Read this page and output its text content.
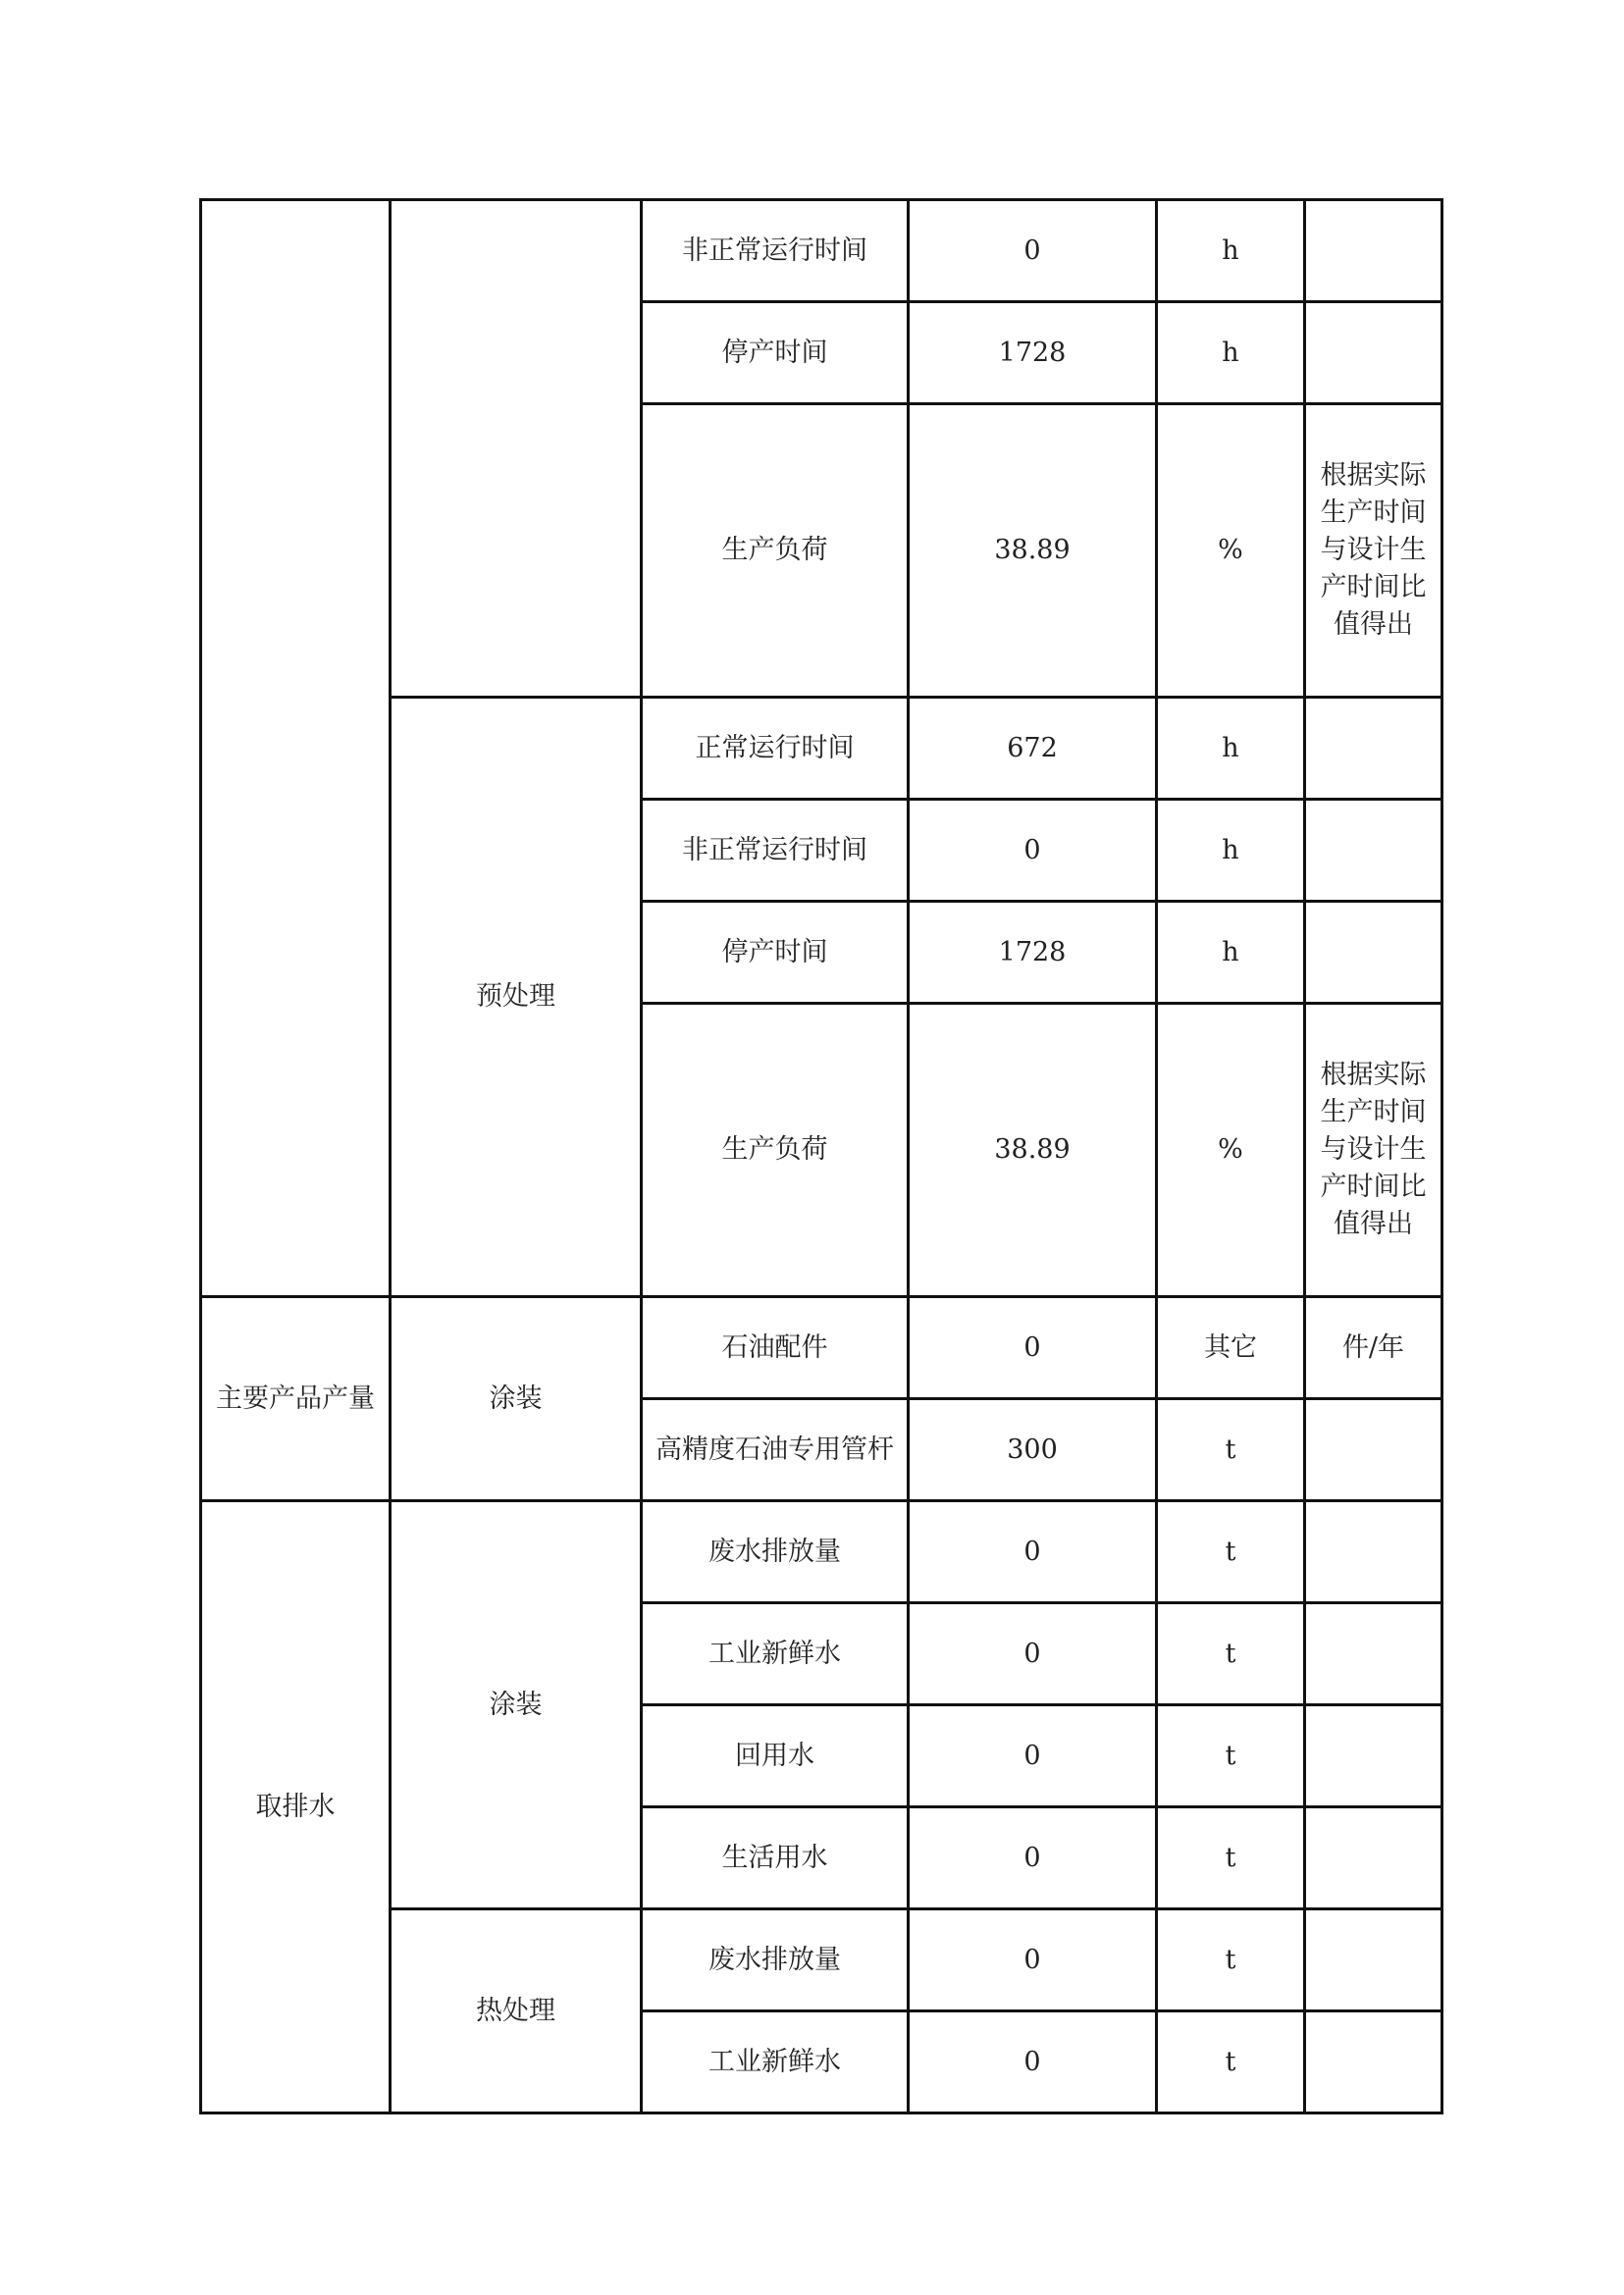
		非正常运行时间	0	h	
		停产时间	1728	h	
		生产负荷	38.89	%	根据实际生产时间与设计生产时间比值得出
	预处理	正常运行时间	672	h	
		非正常运行时间	0	h	
		停产时间	1728	h	
		生产负荷	38.89	%	根据实际生产时间与设计生产时间比值得出
主要产品产量	涂装	石油配件	0	其它	件/年
		高精度石油专用管杆	300	t	
取排水	涂装	废水排放量	0	t	
		工业新鲜水	0	t	
		回用水	0	t	
		生活用水	0	t	
	热处理	废水排放量	0	t	
		工业新鲜水	0	t	
